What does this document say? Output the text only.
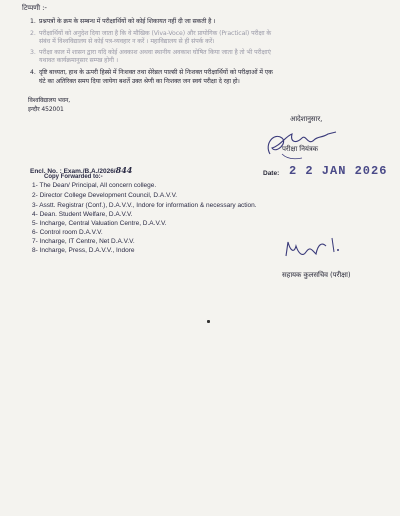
टिप्पणी :-
1. प्रश्नपत्रों के क्रम के सम्बन्ध में परीक्षार्थियों को कोई शिकायत नहीं दी जा सकती है ।
2. परीक्षार्थियों को अनुदेश दिया जाता है कि वे मौखिक (Viva-Voce) और प्रायोगिक (Practical) परीक्षा के
संबंध में विश्वविद्यालय से कोई पत्र-व्यवहार न करें । महाविद्यालय से ही संपर्क करें।
3. परीक्षा काल में शासन द्वारा यदि कोई अवकाश अथवा स्थानीय अवकाश घोषित किया जाता है तो भी परीक्षाएं
यथावत कार्यक्रमानुसार सम्पन्न होगी ।
4. दृष्टि बाध्यता, हाथ के ऊपरी हिस्से में निःशक्त तथा सेरेब्रल पाल्सी से निःशक्त परीक्षार्थियों को परीक्षाओं में एक
घंटे का अतिरिक्त समय दिया जायेगा बशर्ते उक्त श्रेणी का निःशक्त जन स्वयं परीक्षा दे रहा हो।
विश्वविद्यालय भवन,
इन्दौर 452001
आदेशानुसार,
परीक्षा नियंत्रक
Date: 2 2 JAN 2026
Encl. No. : Exam./B.A./2026/844
Copy Forwarded to:-
1- The Dean/ Principal, All concern college.
2- Director College Development Council, D.A.V.V.
3- Asstt. Registrar (Conf.), D.A.V.V., Indore for information & necessary action.
4- Dean. Student Welfare, D.A.V.V.
5- Incharge, Central Valuation Centre, D.A.V.V.
6- Control room D.A.V.V.
7- Incharge, IT Centre, Net D.A.V.V.
8- Incharge, Press, D.A.V.V., Indore
सहायक कुलसचिव (परीक्षा)
